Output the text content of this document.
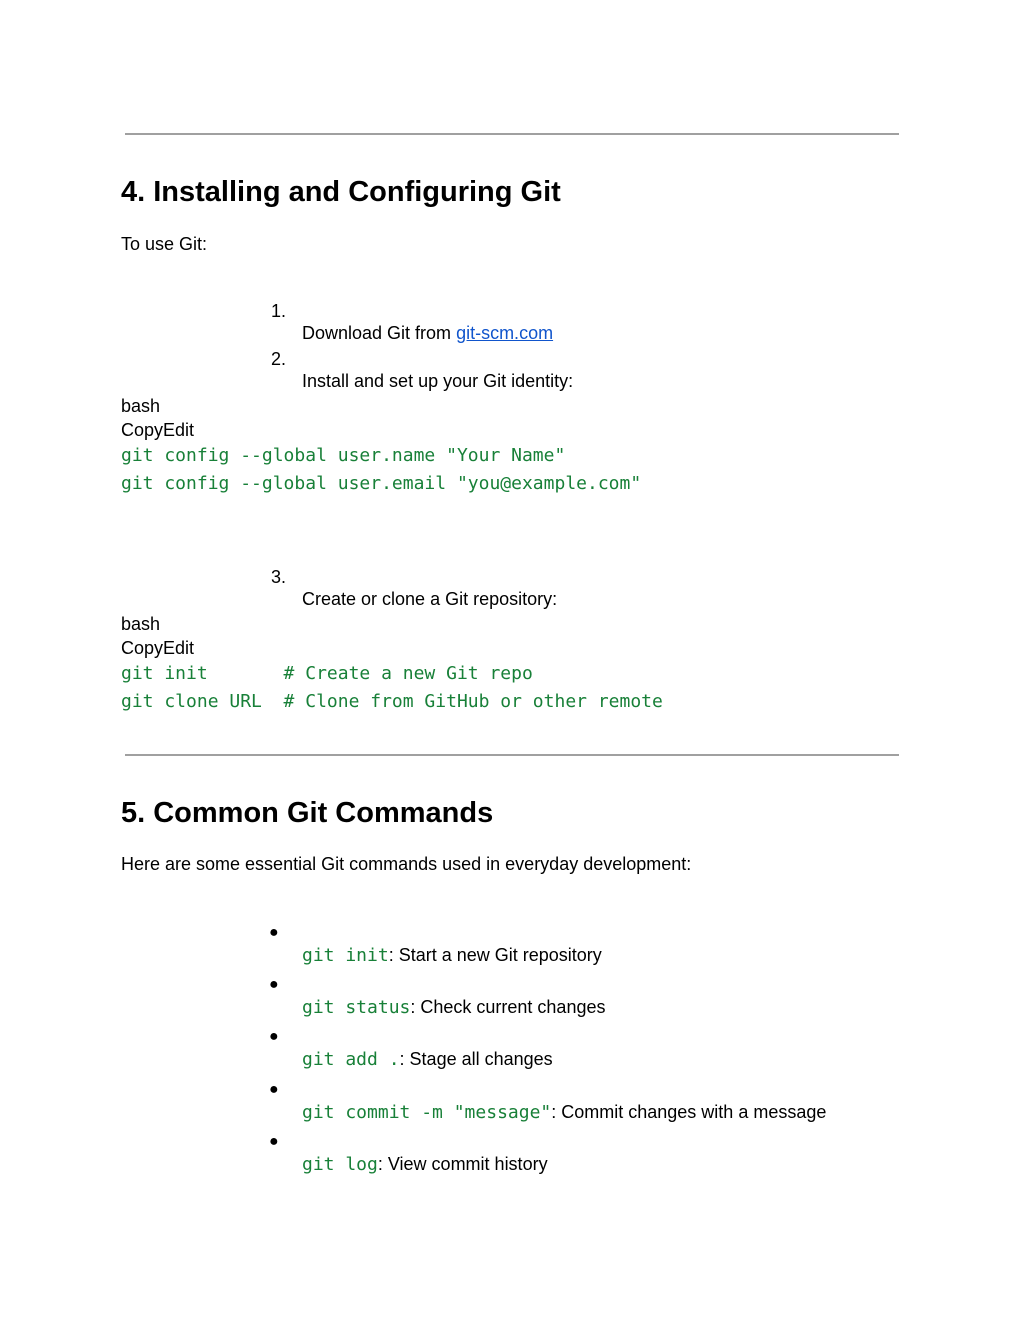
4. Installing and Configuring Git
To use Git:

1.

Download Git from git-scm.com

2.

Install and set up your Git identity:

bash
CopyEdit
git config --global user.name "Your Name"
git config --global user.email "you@example.com"

3.

Create or clone a Git repository:

bash
CopyEdit
git init       # Create a new Git repo
git clone URL  # Clone from GitHub or other remote
5. Common Git Commands
Here are some essential Git commands used in everyday development:

●

git init: Start a new Git repository

●

git status: Check current changes

●

git add .: Stage all changes

●

git commit -m "message": Commit changes with a message

●

git log: View commit history
